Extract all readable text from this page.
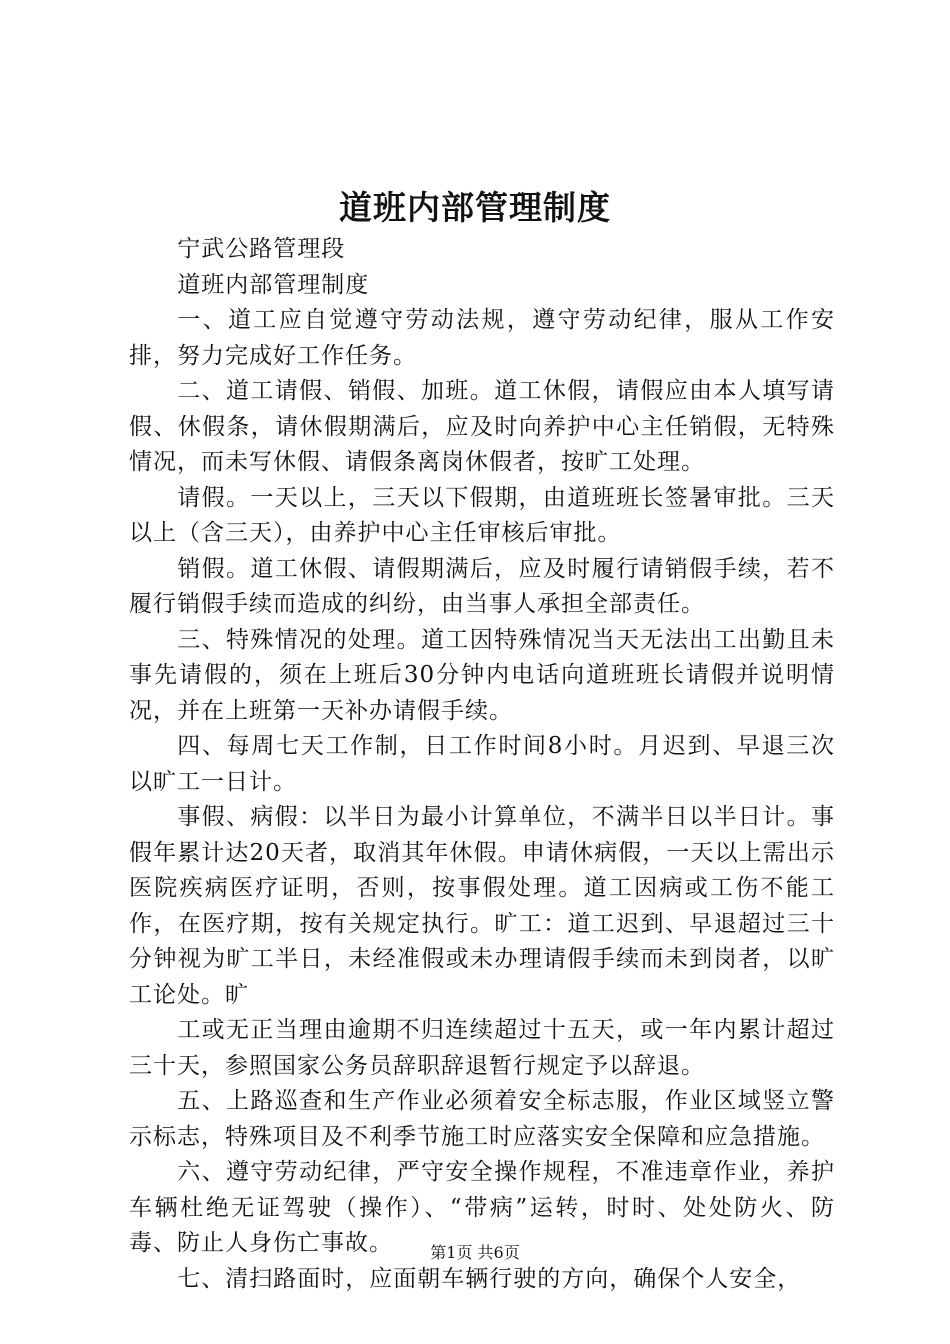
道班内部管理制度

宁武公路管理段

道班内部管理制度

一、道工应自觉遵守劳动法规，遵守劳动纪律，服从工作安排，努力完成好工作任务。

二、道工请假、销假、加班。道工休假，请假应由本人填写请假、休假条，请休假期满后，应及时向养护中心主任销假，无特殊情况，而未写休假、请假条离岗休假者，按旷工处理。

请假。一天以上，三天以下假期，由道班班长签暑审批。三天以上（含三天），由养护中心主任审核后审批。

销假。道工休假、请假期满后，应及时履行请销假手续，若不履行销假手续而造成的纠纷，由当事人承担全部责任。

三、特殊情况的处理。道工因特殊情况当天无法出工出勤且未事先请假的，须在上班后30分钟内电话向道班班长请假并说明情况，并在上班第一天补办请假手续。

四、每周七天工作制，日工作时间8小时。月迟到、早退三次以旷工一日计。

事假、病假：以半日为最小计算单位，不满半日以半日计。事假年累计达20天者，取消其年休假。申请休病假，一天以上需出示医院疾病医疗证明，否则，按事假处理。道工因病或工伤不能工作，在医疗期，按有关规定执行。旷工：道工迟到、早退超过三十分钟视为旷工半日，未经准假或未办理请假手续而未到岗者，以旷工论处。旷

工或无正当理由逾期不归连续超过十五天，或一年内累计超过三十天，参照国家公务员辞职辞退暂行规定予以辞退。

五、上路巡查和生产作业必须着安全标志服，作业区域竖立警示标志，特殊项目及不利季节施工时应落实安全保障和应急措施。

六、遵守劳动纪律，严守安全操作规程，不准违章作业，养护车辆杜绝无证驾驶（操作）、“带病”运转，时时、处处防火、防毒、防止人身伤亡事故。

七、清扫路面时，应面朝车辆行驶的方向，确保个人安全，

第1页 共6页
